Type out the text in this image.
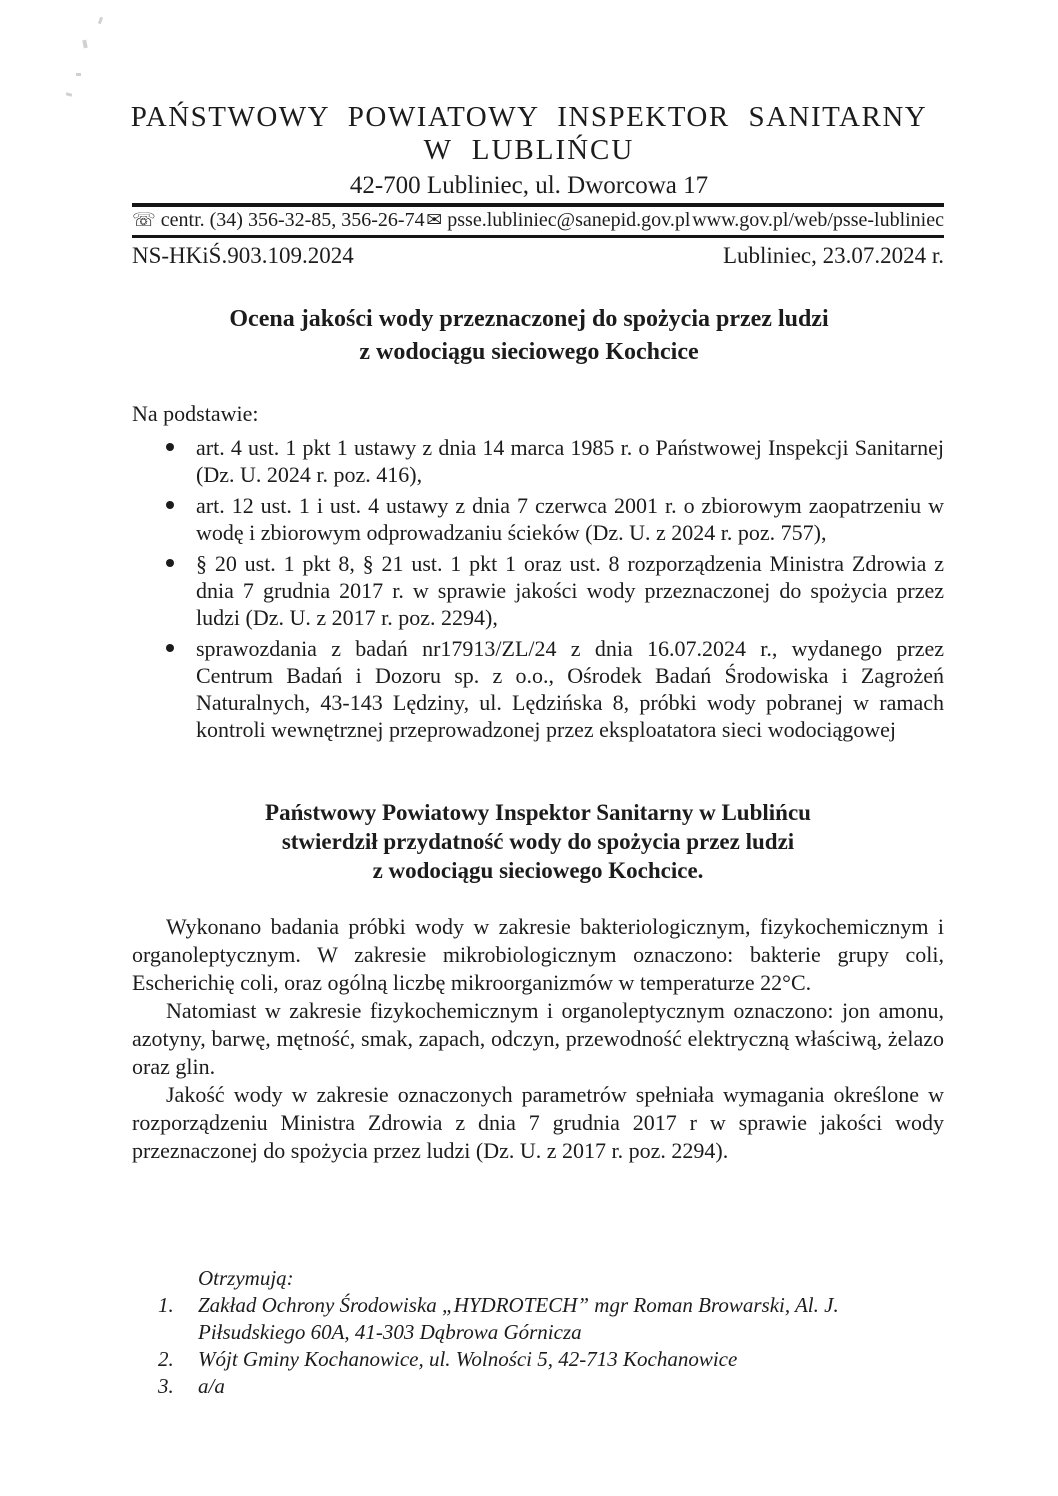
PAŃSTWOWY POWIATOWY INSPEKTOR SANITARNY
W LUBLIŃCU
42-700 Lubliniec, ul. Dworcowa 17
☏ centr. (34) 356-32-85, 356-26-74 ✉ psse.lubliniec@sanepid.gov.pl www.gov.pl/web/psse-lubliniec
NS-HKiŚ.903.109.2024	Lubliniec, 23.07.2024 r.
Ocena jakości wody przeznaczonej do spożycia przez ludzi
z wodociągu sieciowego Kochcice
Na podstawie:
art. 4 ust. 1 pkt 1 ustawy z dnia 14 marca 1985 r. o Państwowej Inspekcji Sanitarnej (Dz. U. 2024 r. poz. 416),
art. 12 ust. 1 i ust. 4 ustawy z dnia 7 czerwca 2001 r. o zbiorowym zaopatrzeniu w wodę i zbiorowym odprowadzaniu ścieków (Dz. U. z 2024 r. poz. 757),
§ 20 ust. 1 pkt 8, § 21 ust. 1 pkt 1 oraz ust. 8 rozporządzenia Ministra Zdrowia z dnia 7 grudnia 2017 r. w sprawie jakości wody przeznaczonej do spożycia przez ludzi (Dz. U. z 2017 r. poz. 2294),
sprawozdania z badań nr17913/ZL/24 z dnia 16.07.2024 r., wydanego przez Centrum Badań i Dozoru sp. z o.o., Ośrodek Badań Środowiska i Zagrożeń Naturalnych, 43-143 Lędziny, ul. Lędzińska 8, próbki wody pobranej w ramach kontroli wewnętrznej przeprowadzonej przez eksploatatora sieci wodociągowej
Państwowy Powiatowy Inspektor Sanitarny w Lublińcu
stwierdził przydatność wody do spożycia przez ludzi
z wodociągu sieciowego Kochcice.

Wykonano badania próbki wody w zakresie bakteriologicznym, fizykochemicznym i organoleptycznym. W zakresie mikrobiologicznym oznaczono: bakterie grupy coli, Escherichię coli, oraz ogólną liczbę mikroorganizmów w temperaturze 22°C.

Natomiast w zakresie fizykochemicznym i organoleptycznym oznaczono: jon amonu, azotyny, barwę, mętność, smak, zapach, odczyn, przewodność elektryczną właściwą, żelazo oraz glin.

Jakość wody w zakresie oznaczonych parametrów spełniała wymagania określone w rozporządzeniu Ministra Zdrowia z dnia 7 grudnia 2017 r w sprawie jakości wody przeznaczonej do spożycia przez ludzi (Dz. U. z 2017 r. poz. 2294).

Otrzymują:
1.	Zakład Ochrony Środowiska „HYDROTECH” mgr Roman Browarski, Al. J. Piłsudskiego 60A, 41-303 Dąbrowa Górnicza
2.	Wójt Gminy Kochanowice, ul. Wolności 5, 42-713 Kochanowice
3.	a/a
